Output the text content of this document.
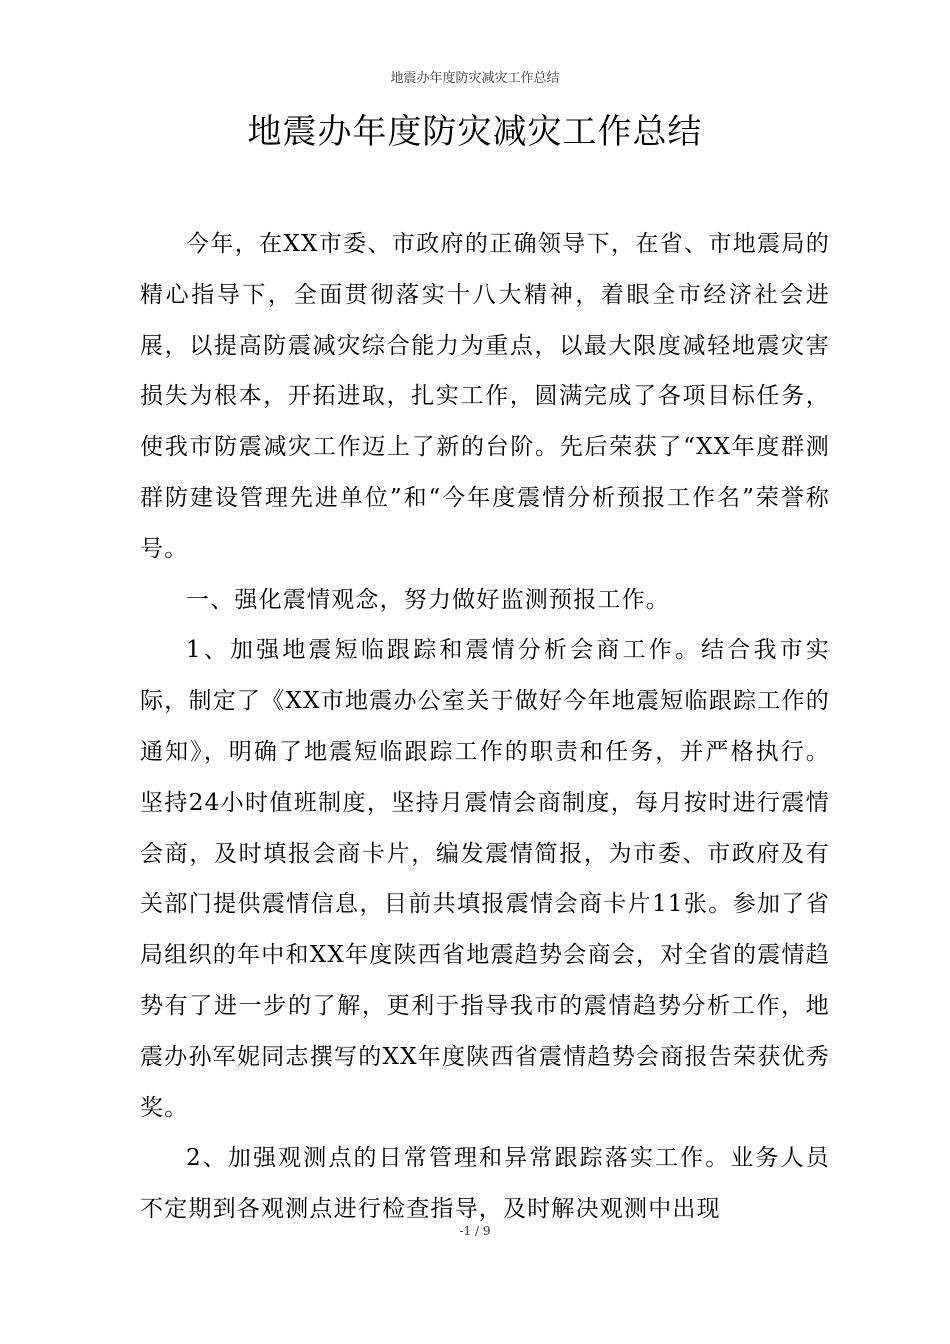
地震办年度防灾减灾工作总结
地震办年度防灾减灾工作总结

今年，在XX市委、市政府的正确领导下，在省、市地震局的精心指导下，全面贯彻落实十八大精神，着眼全市经济社会进展，以提高防震减灾综合能力为重点，以最大限度减轻地震灾害损失为根本，开拓进取，扎实工作，圆满完成了各项目标任务，使我市防震减灾工作迈上了新的台阶。先后荣获了“XX年度群测群防建设管理先进单位”和“今年度震情分析预报工作名”荣誉称号。

一、强化震情观念，努力做好监测预报工作。

1、加强地震短临跟踪和震情分析会商工作。结合我市实际，制定了《XX市地震办公室关于做好今年地震短临跟踪工作的通知》，明确了地震短临跟踪工作的职责和任务，并严格执行。坚持24小时值班制度，坚持月震情会商制度，每月按时进行震情会商，及时填报会商卡片，编发震情简报，为市委、市政府及有关部门提供震情信息，目前共填报震情会商卡片11张。参加了省局组织的年中和XX年度陕西省地震趋势会商会，对全省的震情趋势有了进一步的了解，更利于指导我市的震情趋势分析工作，地震办孙军妮同志撰写的XX年度陕西省震情趋势会商报告荣获优秀奖。

2、加强观测点的日常管理和异常跟踪落实工作。业务人员不定期到各观测点进行检查指导，及时解决观测中出现

-1 / 9
